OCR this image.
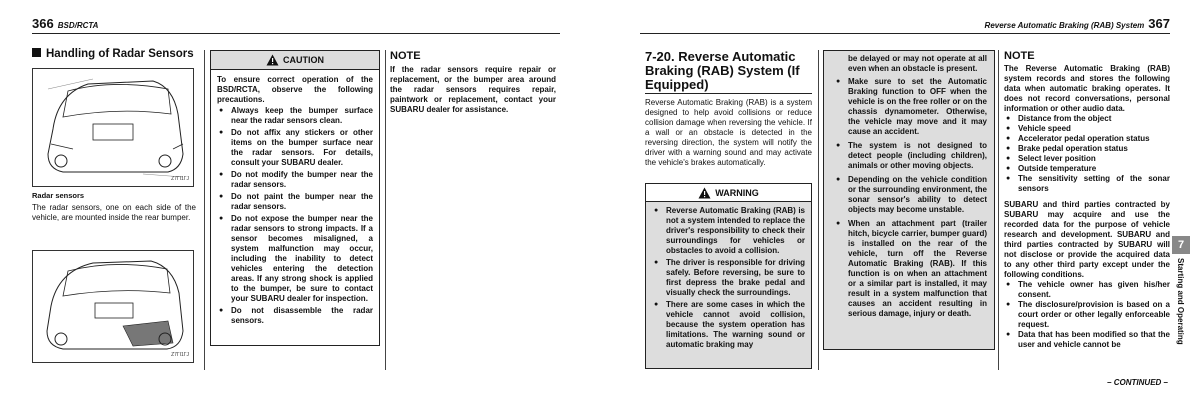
366 BSD/RCTA	Reverse Automatic Braking (RAB) System 367
Handling of Radar Sensors
Z7ГI1ГJ
Radar sensors
The radar sensors, one on each side of the vehicle, are mounted inside the rear bumper.
Z7ГI1ГJ
CAUTION

To ensure correct operation of the BSD/RCTA, observe the following precautions.

● Always keep the bumper surface near the radar sensors clean.
● Do not affix any stickers or other items on the bumper surface near the radar sensors. For details, consult your SUBARU dealer.
● Do not modify the bumper near the radar sensors.
● Do not paint the bumper near the radar sensors.
● Do not expose the bumper near the radar sensors to strong impacts. If a sensor becomes misaligned, a system malfunction may occur, including the inability to detect vehicles entering the detection areas. If any strong shock is applied to the bumper, be sure to contact your SUBARU dealer for inspection.
● Do not disassemble the radar sensors.
NOTE
If the radar sensors require repair or replacement, or the bumper area around the radar sensors requires repair, paintwork or replacement, contact your SUBARU dealer for assistance.
7-20. Reverse Automatic Braking (RAB) System (If Equipped)
Reverse Automatic Braking (RAB) is a system designed to help avoid collisions or reduce collision damage when reversing the vehicle. If a wall or an obstacle is detected in the reversing direction, the system will notify the driver with a warning sound and may activate the vehicle's brakes automatically.
WARNING
● Reverse Automatic Braking (RAB) is not a system intended to replace the driver's responsibility to check their surroundings for vehicles or obstacles to avoid a collision.
● The driver is responsible for driving safely. Before reversing, be sure to first depress the brake pedal and visually check the surroundings.
● There are some cases in which the vehicle cannot avoid collision, because the system operation has limitations. The warning sound or automatic braking may

be delayed or may not operate at all even when an obstacle is present.

● Make sure to set the Automatic Braking function to OFF when the vehicle is on the free roller or on the chassis dynamometer. Otherwise, the vehicle may move and it may cause an accident.
● The system is not designed to detect people (including children), animals or other moving objects.
● Depending on the vehicle condition or the surrounding environment, the sonar sensor's ability to detect objects may become unstable.
● When an attachment part (trailer hitch, bicycle carrier, bumper guard) is installed on the rear of the vehicle, turn off the Reverse Automatic Braking (RAB). If this function is on when an attachment or a similar part is installed, it may result in a system malfunction that causes an accident resulting in serious damage, injury or death.
NOTE
The Reverse Automatic Braking (RAB) system records and stores the following data when automatic braking operates. It does not record conversations, personal information or other audio data.
● Distance from the object
● Vehicle speed
● Accelerator pedal operation status
● Brake pedal operation status
● Select lever position
● Outside temperature
● The sensitivity setting of the sonar sensors
SUBARU and third parties contracted by SUBARU may acquire and use the recorded data for the purpose of vehicle research and development. SUBARU and third parties contracted by SUBARU will not disclose or provide the acquired data to any other third party except under the following conditions.
● The vehicle owner has given his/her consent.
● The disclosure/provision is based on a court order or other legally enforceable request.
● Data that has been modified so that the user and vehicle cannot be
7
Starting and Operating
– CONTINUED –
